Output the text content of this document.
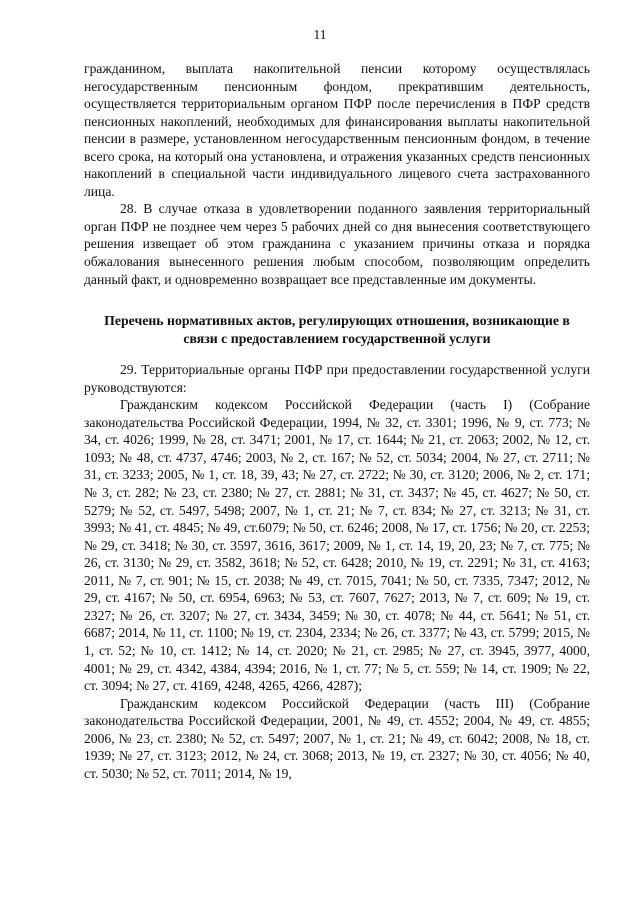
11

гражданином, выплата накопительной пенсии которому осуществлялась негосударственным пенсионным фондом, прекратившим деятельность, осуществляется территориальным органом ПФР после перечисления в ПФР средств пенсионных накоплений, необходимых для финансирования выплаты накопительной пенсии в размере, установленном негосударственным пенсионным фондом, в течение всего срока, на который она установлена, и отражения указанных средств пенсионных накоплений в специальной части индивидуального лицевого счета застрахованного лица.

28. В случае отказа в удовлетворении поданного заявления территориальный орган ПФР не позднее чем через 5 рабочих дней со дня вынесения соответствующего решения извещает об этом гражданина с указанием причины отказа и порядка обжалования вынесенного решения любым способом, позволяющим определить данный факт, и одновременно возвращает все представленные им документы.

Перечень нормативных актов, регулирующих отношения, возникающие в связи с предоставлением государственной услуги

29. Территориальные органы ПФР при предоставлении государственной услуги руководствуются:

Гражданским кодексом Российской Федерации (часть I) (Собрание законодательства Российской Федерации, 1994, № 32, ст. 3301; 1996, № 9, ст. 773; № 34, ст. 4026; 1999, № 28, ст. 3471; 2001, № 17, ст. 1644; № 21, ст. 2063; 2002, № 12, ст. 1093; № 48, ст. 4737, 4746; 2003, № 2, ст. 167; № 52, ст. 5034; 2004, № 27, ст. 2711; № 31, ст. 3233; 2005, № 1, ст. 18, 39, 43; № 27, ст. 2722; № 30, ст. 3120; 2006, № 2, ст. 171; № 3, ст. 282; № 23, ст. 2380; № 27, ст. 2881; № 31, ст. 3437; № 45, ст. 4627; № 50, ст. 5279; № 52, ст. 5497, 5498; 2007, № 1, ст. 21; № 7, ст. 834; № 27, ст. 3213; № 31, ст. 3993; № 41, ст. 4845; № 49, ст.6079; № 50, ст. 6246; 2008, № 17, ст. 1756; № 20, ст. 2253; № 29, ст. 3418; № 30, ст. 3597, 3616, 3617; 2009, № 1, ст. 14, 19, 20, 23; № 7, ст. 775; № 26, ст. 3130; № 29, ст. 3582, 3618; № 52, ст. 6428; 2010, № 19, ст. 2291; № 31, ст. 4163; 2011, № 7, ст. 901; № 15, ст. 2038; № 49, ст. 7015, 7041; № 50, ст. 7335, 7347; 2012, № 29, ст. 4167; № 50, ст. 6954, 6963; № 53, ст. 7607, 7627; 2013, № 7, ст. 609; № 19, ст. 2327; № 26, ст. 3207; № 27, ст. 3434, 3459; № 30, ст. 4078; № 44, ст. 5641; № 51, ст. 6687; 2014, № 11, ст. 1100; № 19, ст. 2304, 2334; № 26, ст. 3377; № 43, ст. 5799; 2015, № 1, ст. 52; № 10, ст. 1412; № 14, ст. 2020; № 21, ст. 2985; № 27, ст. 3945, 3977, 4000, 4001; № 29, ст. 4342, 4384, 4394; 2016, № 1, ст. 77; № 5, ст. 559; № 14, ст. 1909; № 22, ст. 3094; № 27, ст. 4169, 4248, 4265, 4266, 4287);

Гражданским кодексом Российской Федерации (часть III) (Собрание законодательства Российской Федерации, 2001, № 49, ст. 4552; 2004, № 49, ст. 4855; 2006, № 23, ст. 2380; № 52, ст. 5497; 2007, № 1, ст. 21; № 49, ст. 6042; 2008, № 18, ст. 1939; № 27, ст. 3123; 2012, № 24, ст. 3068; 2013, № 19, ст. 2327; № 30, ст. 4056; № 40, ст. 5030; № 52, ст. 7011; 2014, № 19,
